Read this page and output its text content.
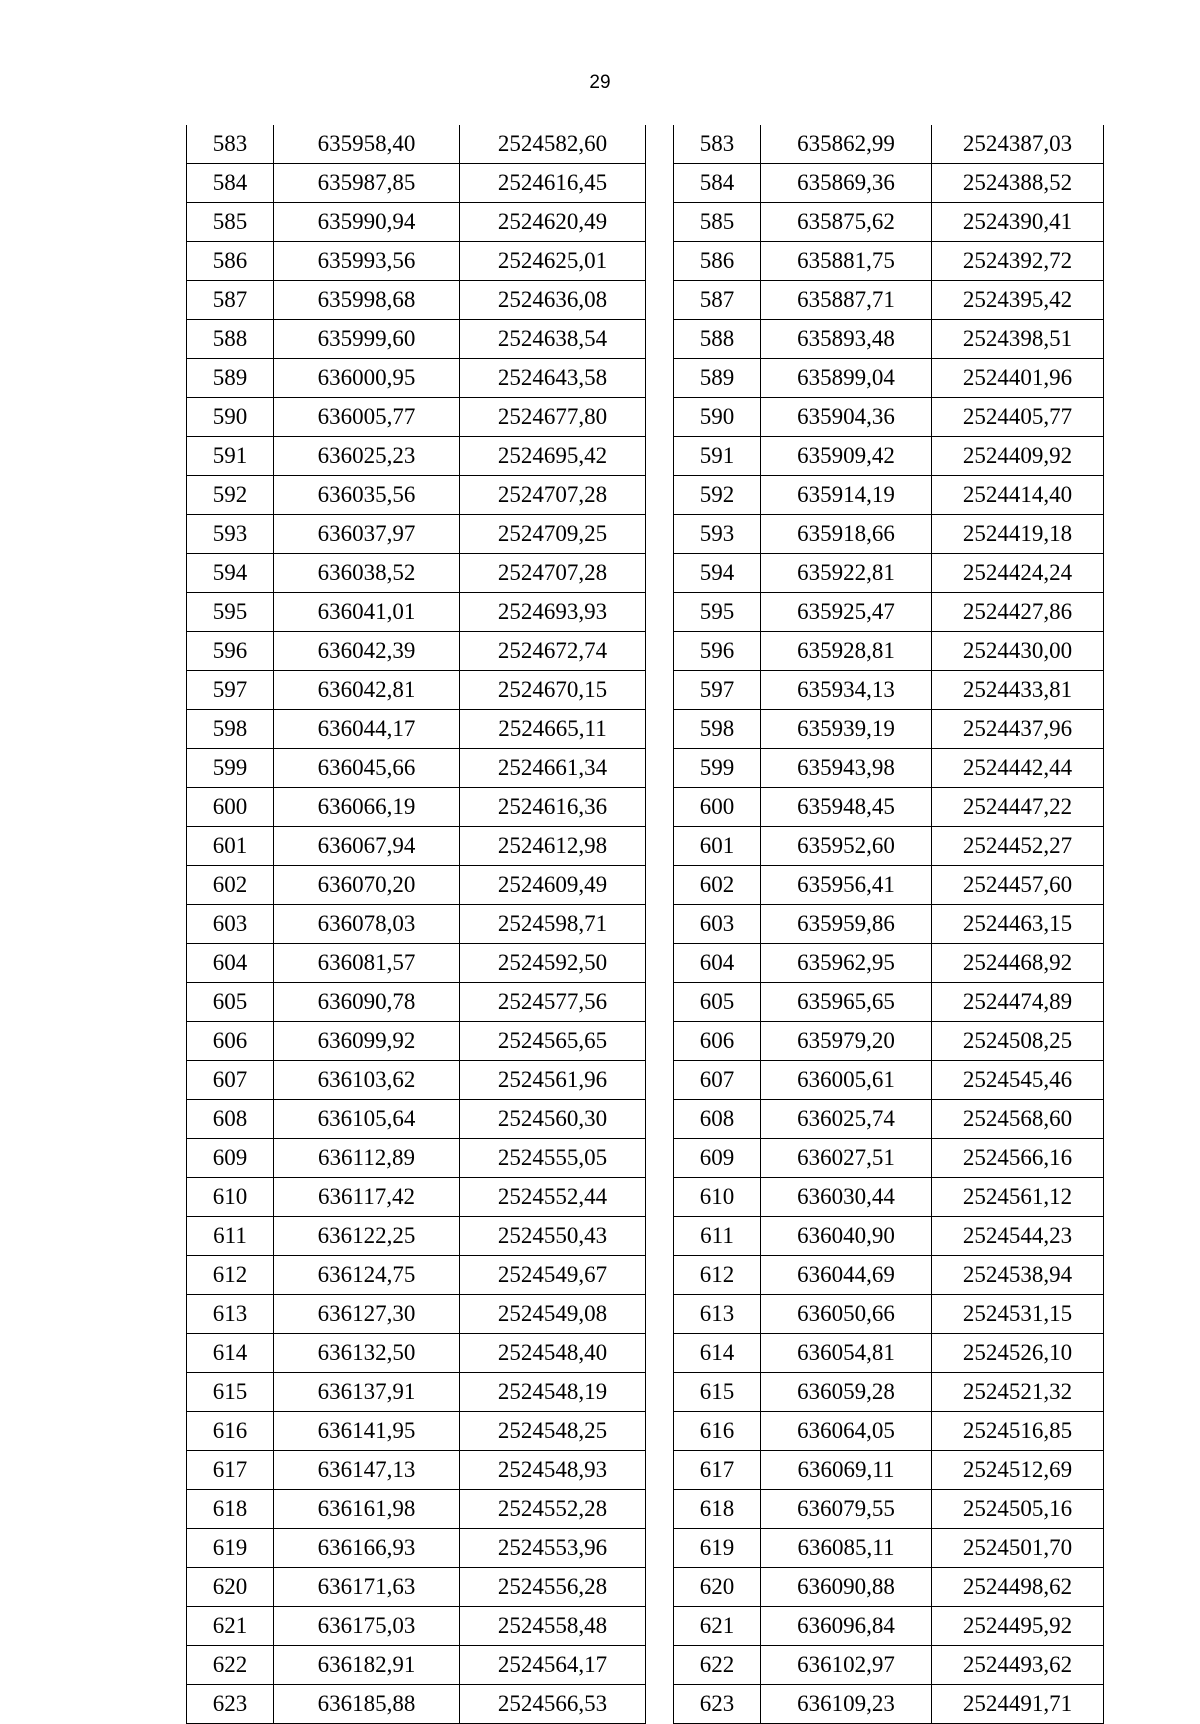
29
583	635958,40	2524582,60
584	635987,85	2524616,45
585	635990,94	2524620,49
586	635993,56	2524625,01
587	635998,68	2524636,08
588	635999,60	2524638,54
589	636000,95	2524643,58
590	636005,77	2524677,80
591	636025,23	2524695,42
592	636035,56	2524707,28
593	636037,97	2524709,25
594	636038,52	2524707,28
595	636041,01	2524693,93
596	636042,39	2524672,74
597	636042,81	2524670,15
598	636044,17	2524665,11
599	636045,66	2524661,34
600	636066,19	2524616,36
601	636067,94	2524612,98
602	636070,20	2524609,49
603	636078,03	2524598,71
604	636081,57	2524592,50
605	636090,78	2524577,56
606	636099,92	2524565,65
607	636103,62	2524561,96
608	636105,64	2524560,30
609	636112,89	2524555,05
610	636117,42	2524552,44
611	636122,25	2524550,43
612	636124,75	2524549,67
613	636127,30	2524549,08
614	636132,50	2524548,40
615	636137,91	2524548,19
616	636141,95	2524548,25
617	636147,13	2524548,93
618	636161,98	2524552,28
619	636166,93	2524553,96
620	636171,63	2524556,28
621	636175,03	2524558,48
622	636182,91	2524564,17
623	636185,88	2524566,53
583	635862,99	2524387,03
584	635869,36	2524388,52
585	635875,62	2524390,41
586	635881,75	2524392,72
587	635887,71	2524395,42
588	635893,48	2524398,51
589	635899,04	2524401,96
590	635904,36	2524405,77
591	635909,42	2524409,92
592	635914,19	2524414,40
593	635918,66	2524419,18
594	635922,81	2524424,24
595	635925,47	2524427,86
596	635928,81	2524430,00
597	635934,13	2524433,81
598	635939,19	2524437,96
599	635943,98	2524442,44
600	635948,45	2524447,22
601	635952,60	2524452,27
602	635956,41	2524457,60
603	635959,86	2524463,15
604	635962,95	2524468,92
605	635965,65	2524474,89
606	635979,20	2524508,25
607	636005,61	2524545,46
608	636025,74	2524568,60
609	636027,51	2524566,16
610	636030,44	2524561,12
611	636040,90	2524544,23
612	636044,69	2524538,94
613	636050,66	2524531,15
614	636054,81	2524526,10
615	636059,28	2524521,32
616	636064,05	2524516,85
617	636069,11	2524512,69
618	636079,55	2524505,16
619	636085,11	2524501,70
620	636090,88	2524498,62
621	636096,84	2524495,92
622	636102,97	2524493,62
623	636109,23	2524491,71
